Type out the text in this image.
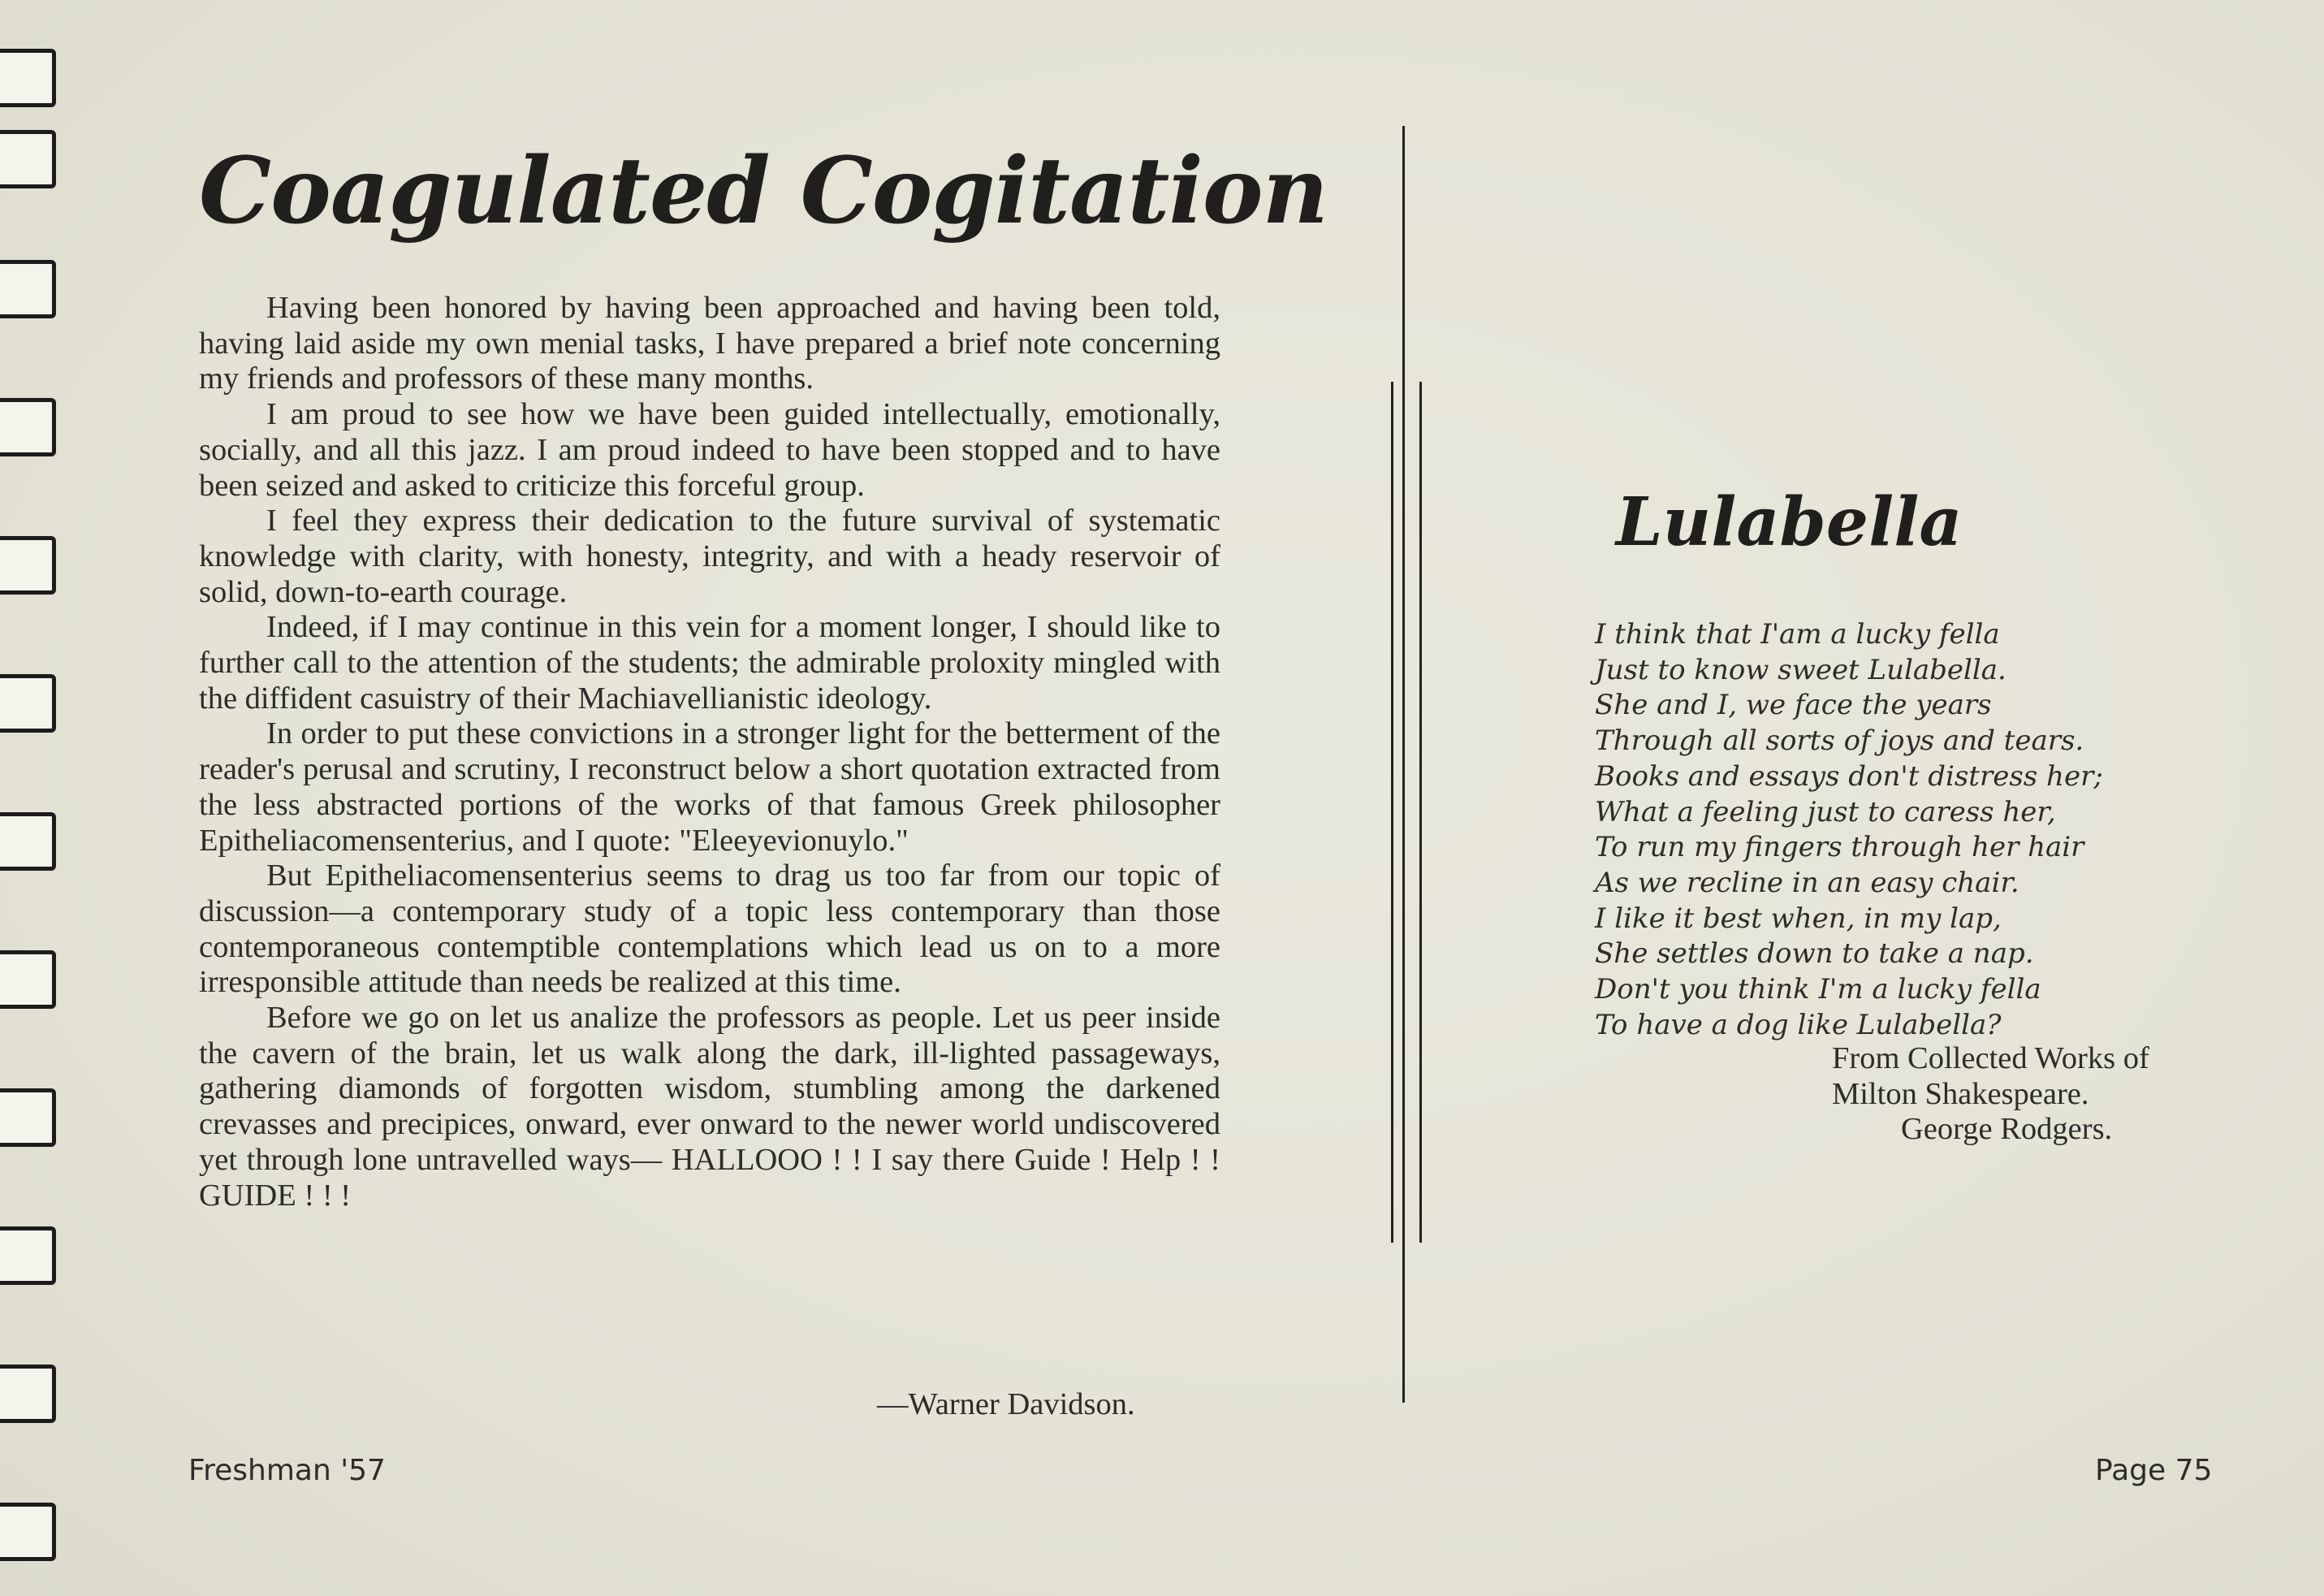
Coagulated Cogitation

Having been honored by having been approached and having been told, having laid aside my own menial tasks, I have prepared a brief note concerning my friends and professors of these many months.

I am proud to see how we have been guided intellectually, emotionally, socially, and all this jazz. I am proud indeed to have been stopped and to have been seized and asked to criticize this forceful group.

I feel they express their dedication to the future survival of systematic knowledge with clarity, with honesty, integrity, and with a heady reservoir of solid, down-to-earth courage.

Indeed, if I may continue in this vein for a moment longer, I should like to further call to the attention of the students; the admirable proloxity mingled with the diffident casuistry of their Machiavellianistic ideology.

In order to put these convictions in a stronger light for the betterment of the reader's perusal and scrutiny, I reconstruct below a short quotation extracted from the less abstracted portions of the works of that famous Greek philosopher Epitheliacomensenterius, and I quote: "Eleeyevionuylo."

But Epitheliacomensenterius seems to drag us too far from our topic of discussion—a contemporary study of a topic less contemporary than those contemporaneous contemptible contemplations which lead us on to a more irresponsible attitude than needs be realized at this time.

Before we go on let us analize the professors as people. Let us peer inside the cavern of the brain, let us walk along the dark, ill-lighted passageways, gathering diamonds of forgotten wisdom, stumbling among the darkened crevasses and precipices, onward, ever onward to the newer world undiscovered yet through lone untravelled ways— HALLOOO ! ! I say there Guide ! Help ! ! GUIDE ! ! !

—Warner Davidson.
Lulabella
I think that I'am a lucky fella
Just to know sweet Lulabella.
She and I, we face the years
Through all sorts of joys and tears.
Books and essays don't distress her;
What a feeling just to caress her,
To run my fingers through her hair
As we recline in an easy chair.
I like it best when, in my lap,
She settles down to take a nap.
Don't you think I'm a lucky fella
To have a dog like Lulabella?
From Collected Works of
Milton Shakespeare.
George Rodgers.
Freshman '57	Page 75
